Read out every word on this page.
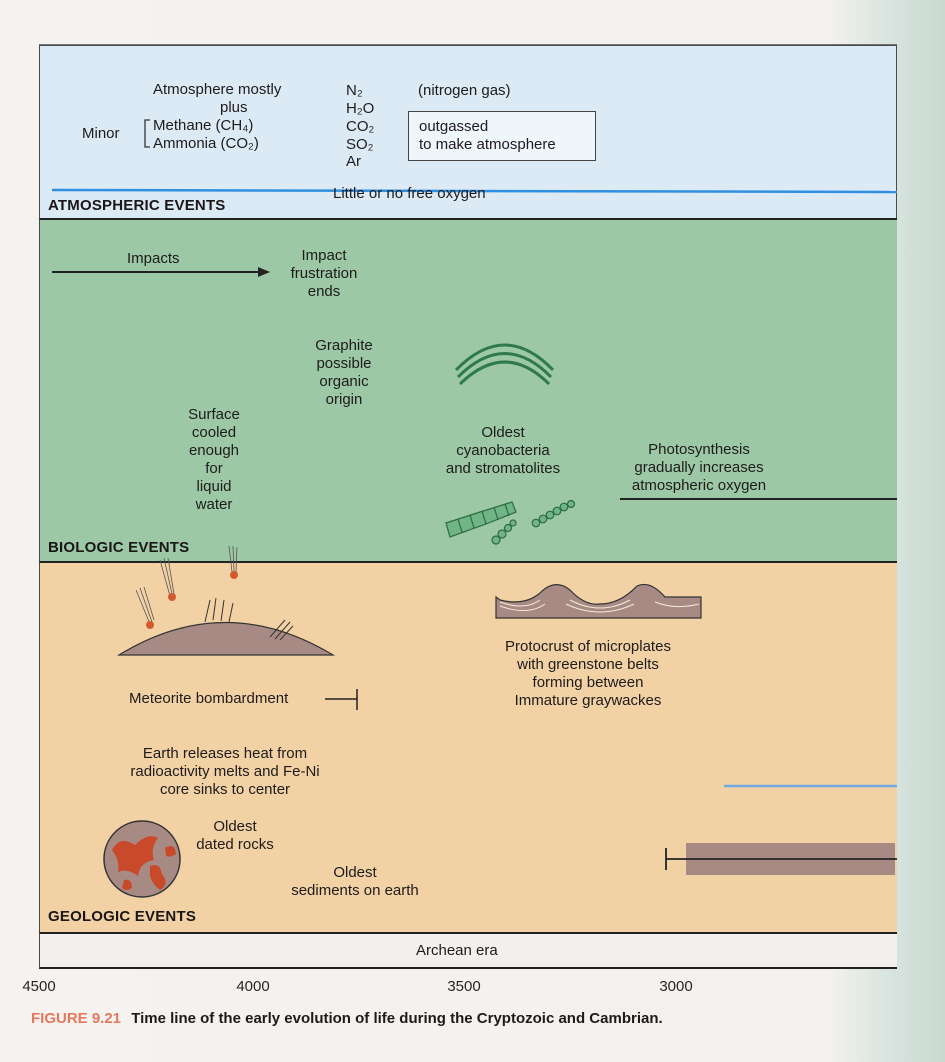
Atmosphere mostly
plus
Minor Methane (CH₄)
Ammonia (CO₂)
N₂
H₂O
CO₂
SO₂
Ar
(nitrogen gas)
outgassed
to make atmosphere
Little or no free oxygen
ATMOSPHERIC EVENTS
Impacts	Impact
frustration
ends
Graphite
possible
organic
origin
Surface
cooled
enough
for
liquid
water
Oldest
cyanobacteria
and stromatolites
Photosynthesis
gradually increases
atmospheric oxygen
BIOLOGIC EVENTS
Meteorite bombardment
Protocrust of microplates
with greenstone belts
forming between
Immature graywackes
Earth releases heat from
radioactivity melts and Fe-Ni
core sinks to center
Oldest
dated rocks
Oldest
sediments on earth
GEOLOGIC EVENTS
Archean era
4500	4000	3500	3000
FIGURE 9.21 Time line of the early evolution of life during the Cryptozoic and Cambrian.
